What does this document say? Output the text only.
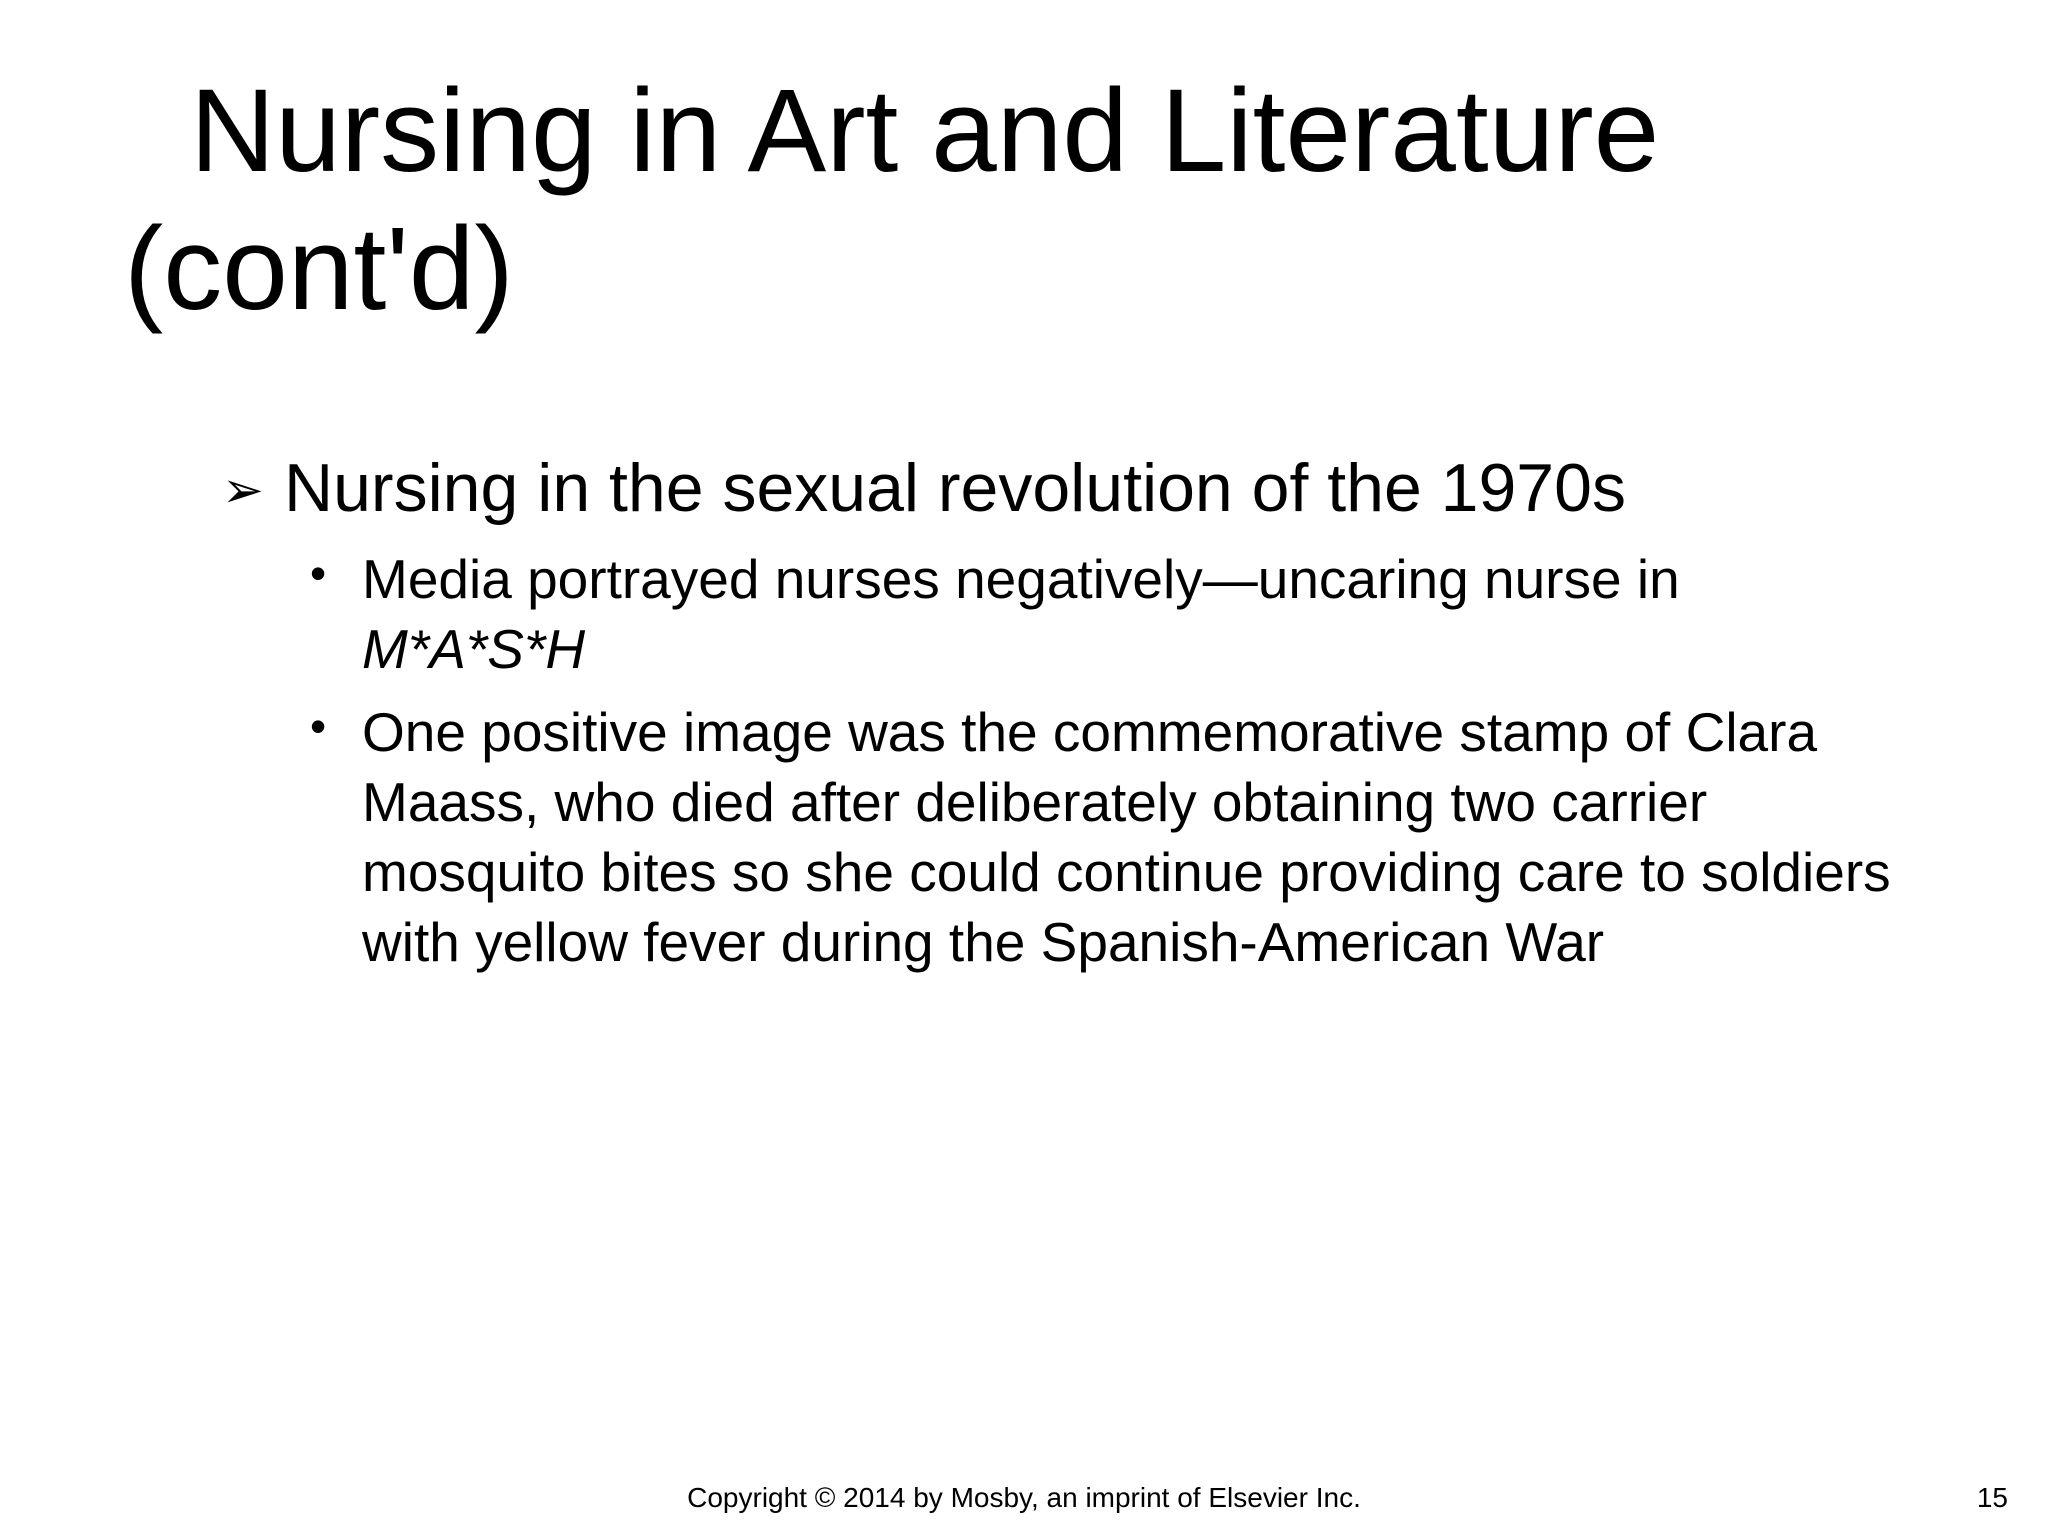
Nursing in Art and Literature
(cont'd)
➢ Nursing in the sexual revolution of the 1970s
• Media portrayed nurses negatively—uncaring nurse in
M*A*S*H
• One positive image was the commemorative stamp of Clara Maass, who died after deliberately obtaining two carrier mosquito bites so she could continue providing care to soldiers with yellow fever during the Spanish-American War
Copyright © 2014 by Mosby, an imprint of Elsevier Inc.	15
